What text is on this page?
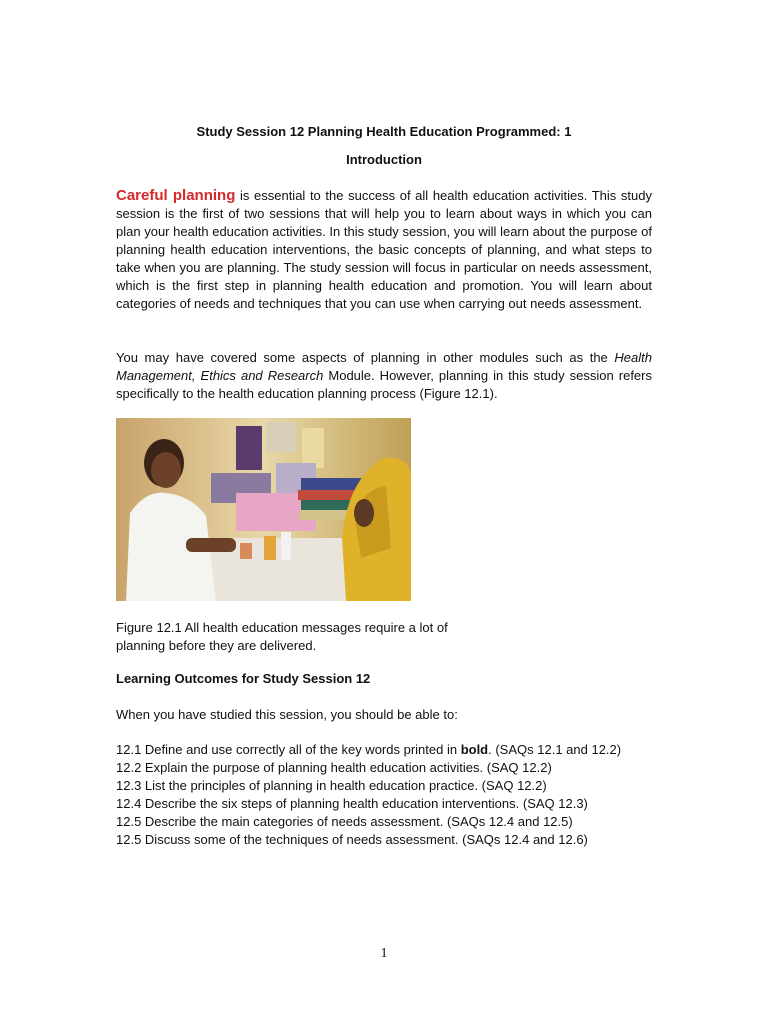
Study Session 12 Planning Health Education Programmed: 1
Introduction
Careful planning is essential to the success of all health education activities. This study session is the first of two sessions that will help you to learn about ways in which you can plan your health education activities. In this study session, you will learn about the purpose of planning health education interventions, the basic concepts of planning, and what steps to take when you are planning. The study session will focus in particular on needs assessment, which is the first step in planning health education and promotion. You will learn about categories of needs and techniques that you can use when carrying out needs assessment.
You may have covered some aspects of planning in other modules such as the Health Management, Ethics and Research Module. However, planning in this study session refers specifically to the health education planning process (Figure 12.1).
Figure 12.1 All health education messages require a lot of
planning before they are delivered.
Learning Outcomes for Study Session 12
When you have studied this session, you should be able to:
12.1 Define and use correctly all of the key words printed in bold. (SAQs 12.1 and 12.2)
12.2 Explain the purpose of planning health education activities. (SAQ 12.2)
12.3 List the principles of planning in health education practice. (SAQ 12.2)
12.4 Describe the six steps of planning health education interventions. (SAQ 12.3)
12.5 Describe the main categories of needs assessment. (SAQs 12.4 and 12.5)
12.5 Discuss some of the techniques of needs assessment. (SAQs 12.4 and 12.6)
1
